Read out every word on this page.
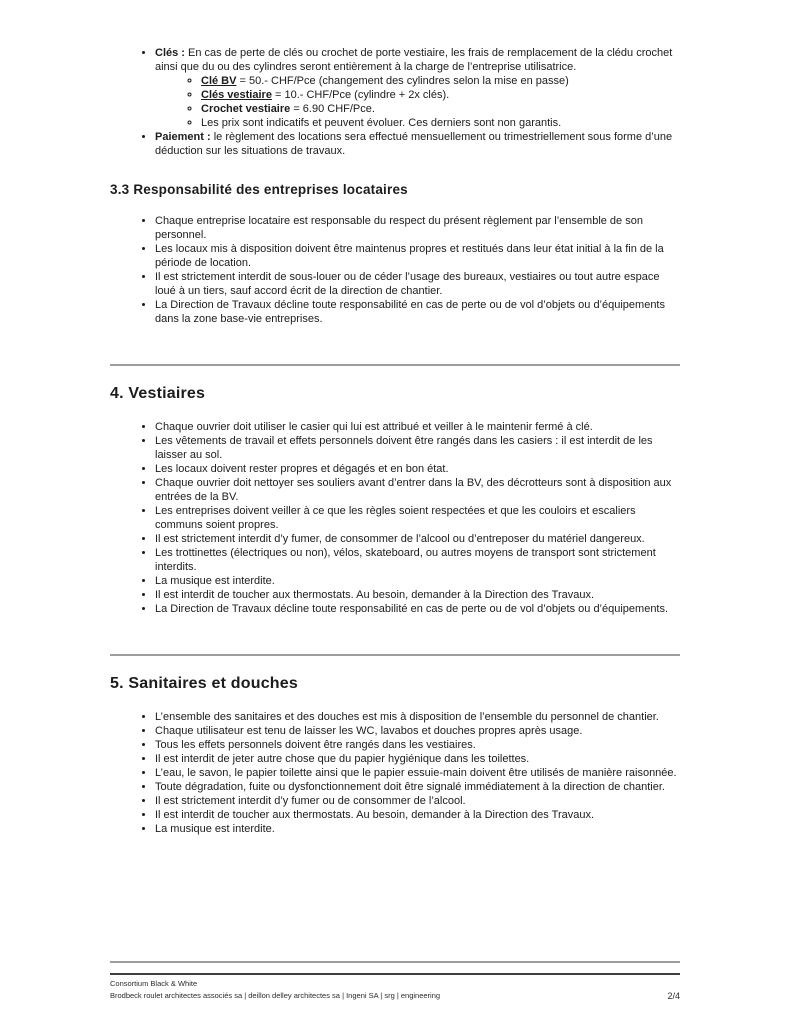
• Clés : En cas de perte de clés ou crochet de porte vestiaire, les frais de remplacement de la clédu crochet ainsi que du ou des cylindres seront entièrement à la charge de l’entreprise utilisatrice.
◦ Clé BV = 50.- CHF/Pce (changement des cylindres selon la mise en passe)
◦ Clés vestiaire = 10.- CHF/Pce (cylindre + 2x clés).
◦ Crochet vestiaire = 6.90 CHF/Pce.
◦ Les prix sont indicatifs et peuvent évoluer. Ces derniers sont non garantis.
• Paiement : le règlement des locations sera effectué mensuellement ou trimestriellement sous forme d’une déduction sur les situations de travaux.
3.3 Responsabilité des entreprises locataires
• Chaque entreprise locataire est responsable du respect du présent règlement par l’ensemble de son personnel.
• Les locaux mis à disposition doivent être maintenus propres et restitués dans leur état initial à la fin de la période de location.
• Il est strictement interdit de sous-louer ou de céder l’usage des bureaux, vestiaires ou tout autre espace loué à un tiers, sauf accord écrit de la direction de chantier.
• La Direction de Travaux décline toute responsabilité en cas de perte ou de vol d’objets ou d’équipements dans la zone base-vie entreprises.
4. Vestiaires
• Chaque ouvrier doit utiliser le casier qui lui est attribué et veiller à le maintenir fermé à clé.
• Les vêtements de travail et effets personnels doivent être rangés dans les casiers : il est interdit de les laisser au sol.
• Les locaux doivent rester propres et dégagés et en bon état.
• Chaque ouvrier doit nettoyer ses souliers avant d’entrer dans la BV, des décrotteurs sont à disposition aux entrées de la BV.
• Les entreprises doivent veiller à ce que les règles soient respectées et que les couloirs et escaliers communs soient propres.
• Il est strictement interdit d’y fumer, de consommer de l’alcool ou d’entreposer du matériel dangereux.
• Les trottinettes (électriques ou non), vélos, skateboard, ou autres moyens de transport sont strictement interdits.
• La musique est interdite.
• Il est interdit de toucher aux thermostats. Au besoin, demander à la Direction des Travaux.
• La Direction de Travaux décline toute responsabilité en cas de perte ou de vol d’objets ou d’équipements.
5. Sanitaires et douches
• L’ensemble des sanitaires et des douches est mis à disposition de l’ensemble du personnel de chantier.
• Chaque utilisateur est tenu de laisser les WC, lavabos et douches propres après usage.
• Tous les effets personnels doivent être rangés dans les vestiaires.
• Il est interdit de jeter autre chose que du papier hygiénique dans les toilettes.
• L’eau, le savon, le papier toilette ainsi que le papier essuie-main doivent être utilisés de manière raisonnée.
• Toute dégradation, fuite ou dysfonctionnement doit être signalé immédiatement à la direction de chantier.
• Il est strictement interdit d’y fumer ou de consommer de l’alcool.
• Il est interdit de toucher aux thermostats. Au besoin, demander à la Direction des Travaux.
• La musique est interdite.
Consortium Black & White
Brodbeck roulet architectes associés sa | deillon delley architectes sa | Ingeni SA | srg | engineering	2/4
